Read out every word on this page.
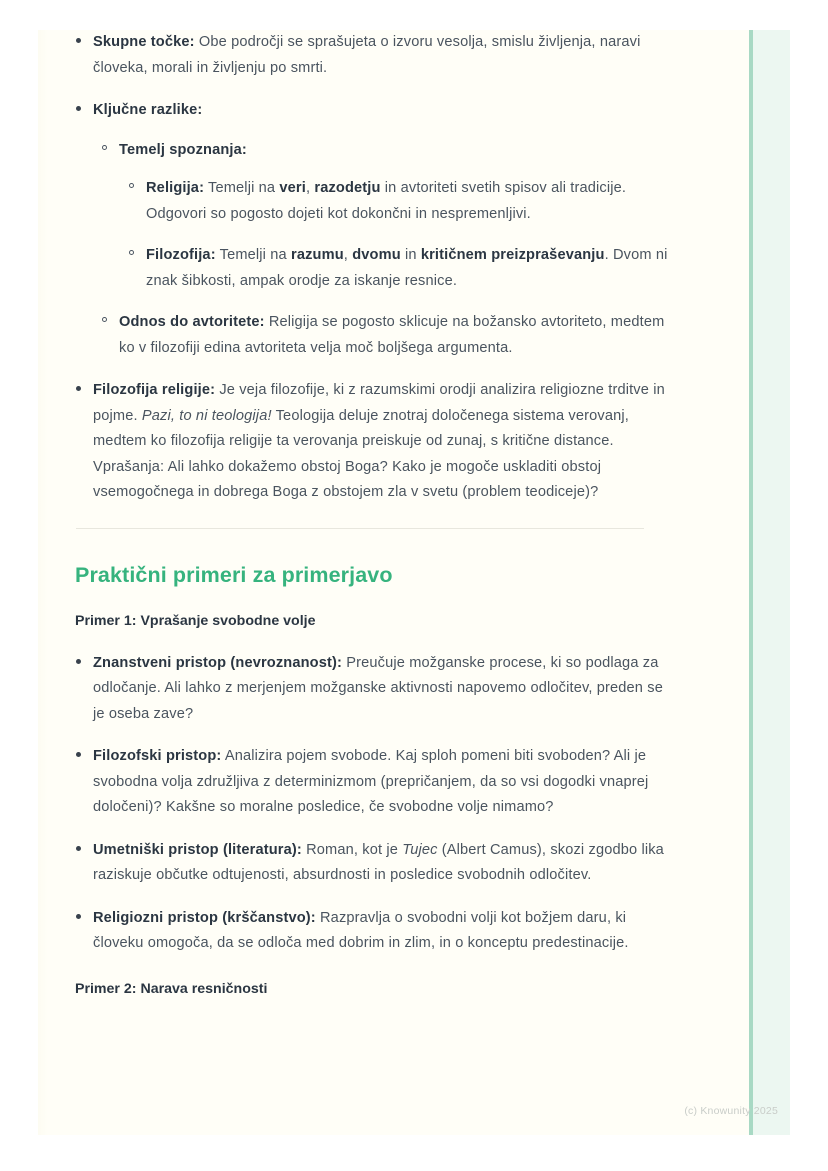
Skupne točke: Obe področji se sprašujeta o izvoru vesolja, smislu življenja, naravi človeka, morali in življenju po smrti.
Ključne razlike:
Temelj spoznanja:
Religija: Temelji na veri, razodetju in avtoriteti svetih spisov ali tradicije. Odgovori so pogosto dojeti kot dokončni in nespremenljivi.
Filozofija: Temelji na razumu, dvomu in kritičnem preizpraševanju. Dvom ni znak šibkosti, ampak orodje za iskanje resnice.
Odnos do avtoritete: Religija se pogosto sklicuje na božansko avtoriteto, medtem ko v filozofiji edina avtoriteta velja moč boljšega argumenta.
Filozofija religije: Je veja filozofije, ki z razumskimi orodji analizira religiozne trditve in pojme. Pazi, to ni teologija! Teologija deluje znotraj določenega sistema verovanj, medtem ko filozofija religije ta verovanja preiskuje od zunaj, s kritične distance. Vprašanja: Ali lahko dokažemo obstoj Boga? Kako je mogoče uskladiti obstoj vsemogočnega in dobrega Boga z obstojem zla v svetu (problem teodiceje)?
Praktični primeri za primerjavo
Primer 1: Vprašanje svobodne volje
Znanstveni pristop (nevroznanost): Preučuje možganske procese, ki so podlaga za odločanje. Ali lahko z merjenjem možganske aktivnosti napovemo odločitev, preden se je oseba zave?
Filozofski pristop: Analizira pojem svobode. Kaj sploh pomeni biti svoboden? Ali je svobodna volja združljiva z determinizmom (prepričanjem, da so vsi dogodki vnaprej določeni)? Kakšne so moralne posledice, če svobodne volje nimamo?
Umetniški pristop (literatura): Roman, kot je Tujec (Albert Camus), skozi zgodbo lika raziskuje občutke odtujenosti, absurdnosti in posledice svobodnih odločitev.
Religiozni pristop (krščanstvo): Razpravlja o svobodni volji kot božjem daru, ki človeku omogoča, da se odloča med dobrim in zlim, in o konceptu predestinacije.
Primer 2: Narava resničnosti
(c) Knowunity 2025
